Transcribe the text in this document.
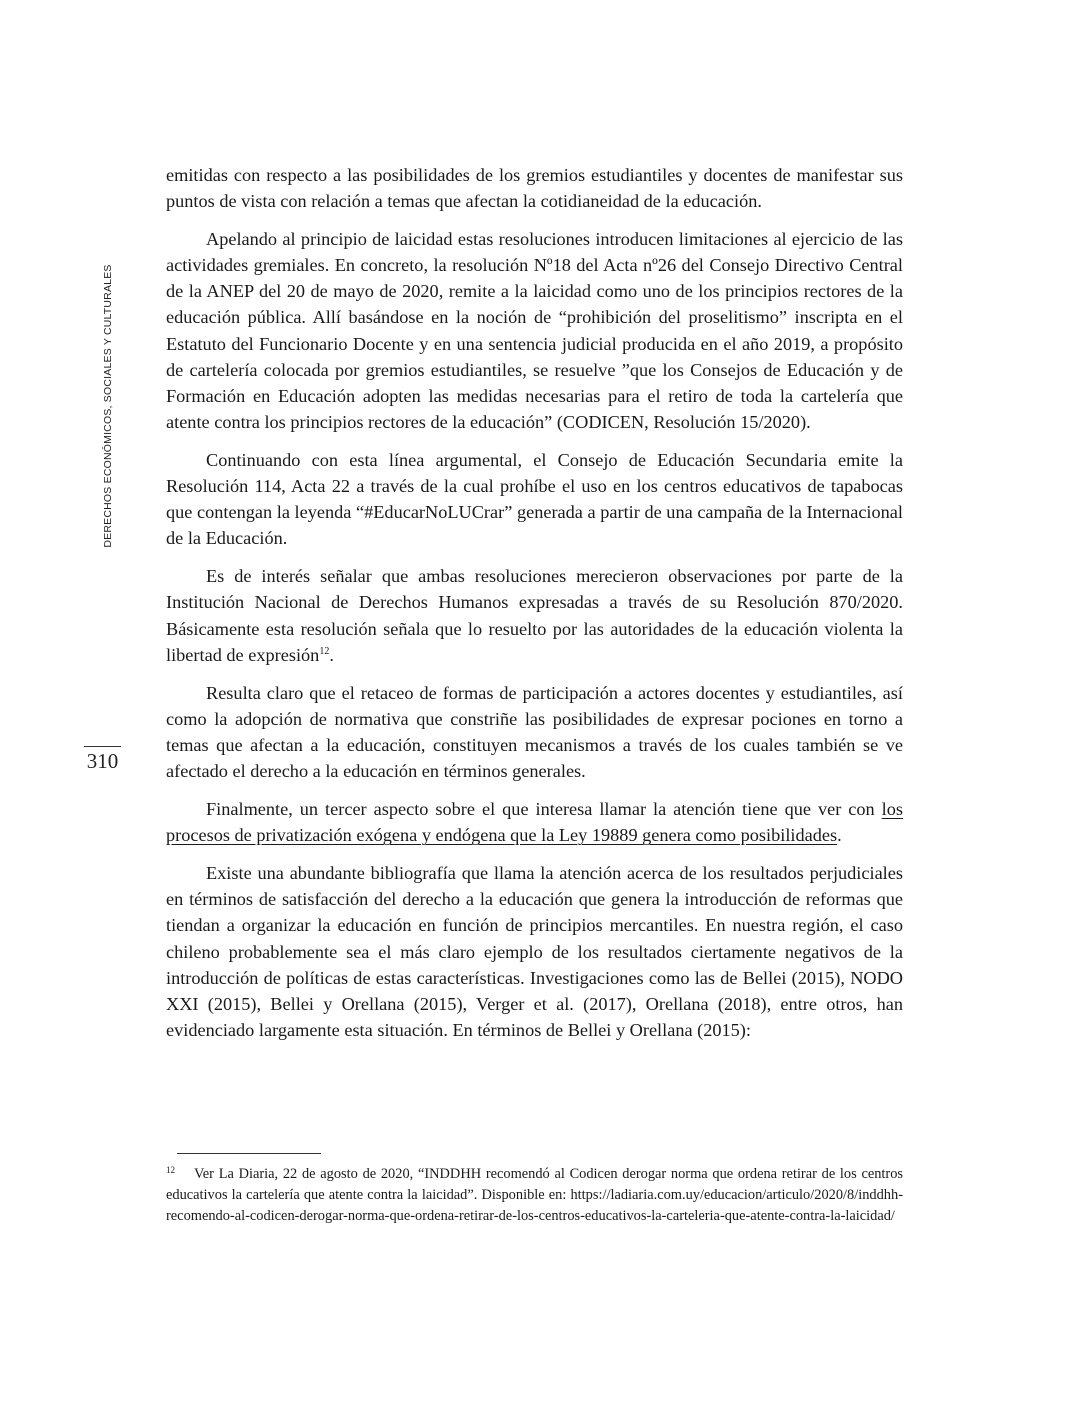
DERECHOS ECONÓMICOS, SOCIALES Y CULTURALES
310

emitidas con respecto a las posibilidades de los gremios estudiantiles y docentes de manifestar sus puntos de vista con relación a temas que afectan la cotidianeidad de la educación.

Apelando al principio de laicidad estas resoluciones introducen limitaciones al ejercicio de las actividades gremiales. En concreto, la resolución Nº18 del Acta nº26 del Consejo Directivo Central de la ANEP del 20 de mayo de 2020, remite a la laicidad como uno de los principios rectores de la educación pública. Allí basándose en la noción de “prohibición del proselitismo” inscripta en el Estatuto del Funcionario Docente y en una sentencia judicial producida en el año 2019, a propósito de cartelería colocada por gremios estudiantiles, se resuelve ”que los Consejos de Educación y de Formación en Educación adopten las medidas necesarias para el retiro de toda la cartelería que atente contra los principios rectores de la educación” (CODICEN, Resolución 15/2020).

Continuando con esta línea argumental, el Consejo de Educación Secundaria emite la Resolución 114, Acta 22 a través de la cual prohíbe el uso en los centros educativos de tapabocas que contengan la leyenda “#EducarNoLUCrar” generada a partir de una campaña de la Internacional de la Educación.

Es de interés señalar que ambas resoluciones merecieron observaciones por parte de la Institución Nacional de Derechos Humanos expresadas a través de su Resolución 870/2020. Básicamente esta resolución señala que lo resuelto por las autoridades de la educación violenta la libertad de expresión$^{12}$.

Resulta claro que el retaceo de formas de participación a actores docentes y estudiantiles, así como la adopción de normativa que constriñe las posibilidades de expresar pociones en torno a temas que afectan a la educación, constituyen mecanismos a través de los cuales también se ve afectado el derecho a la educación en términos generales.

Finalmente, un tercer aspecto sobre el que interesa llamar la atención tiene que ver con los procesos de privatización exógena y endógena que la Ley 19889 genera como posibilidades.

Existe una abundante bibliografía que llama la atención acerca de los resultados perjudiciales en términos de satisfacción del derecho a la educación que genera la introducción de reformas que tiendan a organizar la educación en función de principios mercantiles. En nuestra región, el caso chileno probablemente sea el más claro ejemplo de los resultados ciertamente negativos de la introducción de políticas de estas características. Investigaciones como las de Bellei (2015), NODO XXI (2015), Bellei y Orellana (2015), Verger et al. (2017), Orellana (2018), entre otros, han evidenciado largamente esta situación. En términos de Bellei y Orellana (2015):

12 Ver La Diaria, 22 de agosto de 2020, “INDDHH recomendó al Codicen derogar norma que ordena retirar de los centros educativos la cartelería que atente contra la laicidad”. Disponible en: https://ladiaria.com.uy/educacion/articulo/2020/8/inddhh-recomendo-al-codicen-derogar-norma-que-ordena-retirar-de-los-centros-educativos-la-carteleria-que-atente-contra-la-laicidad/
